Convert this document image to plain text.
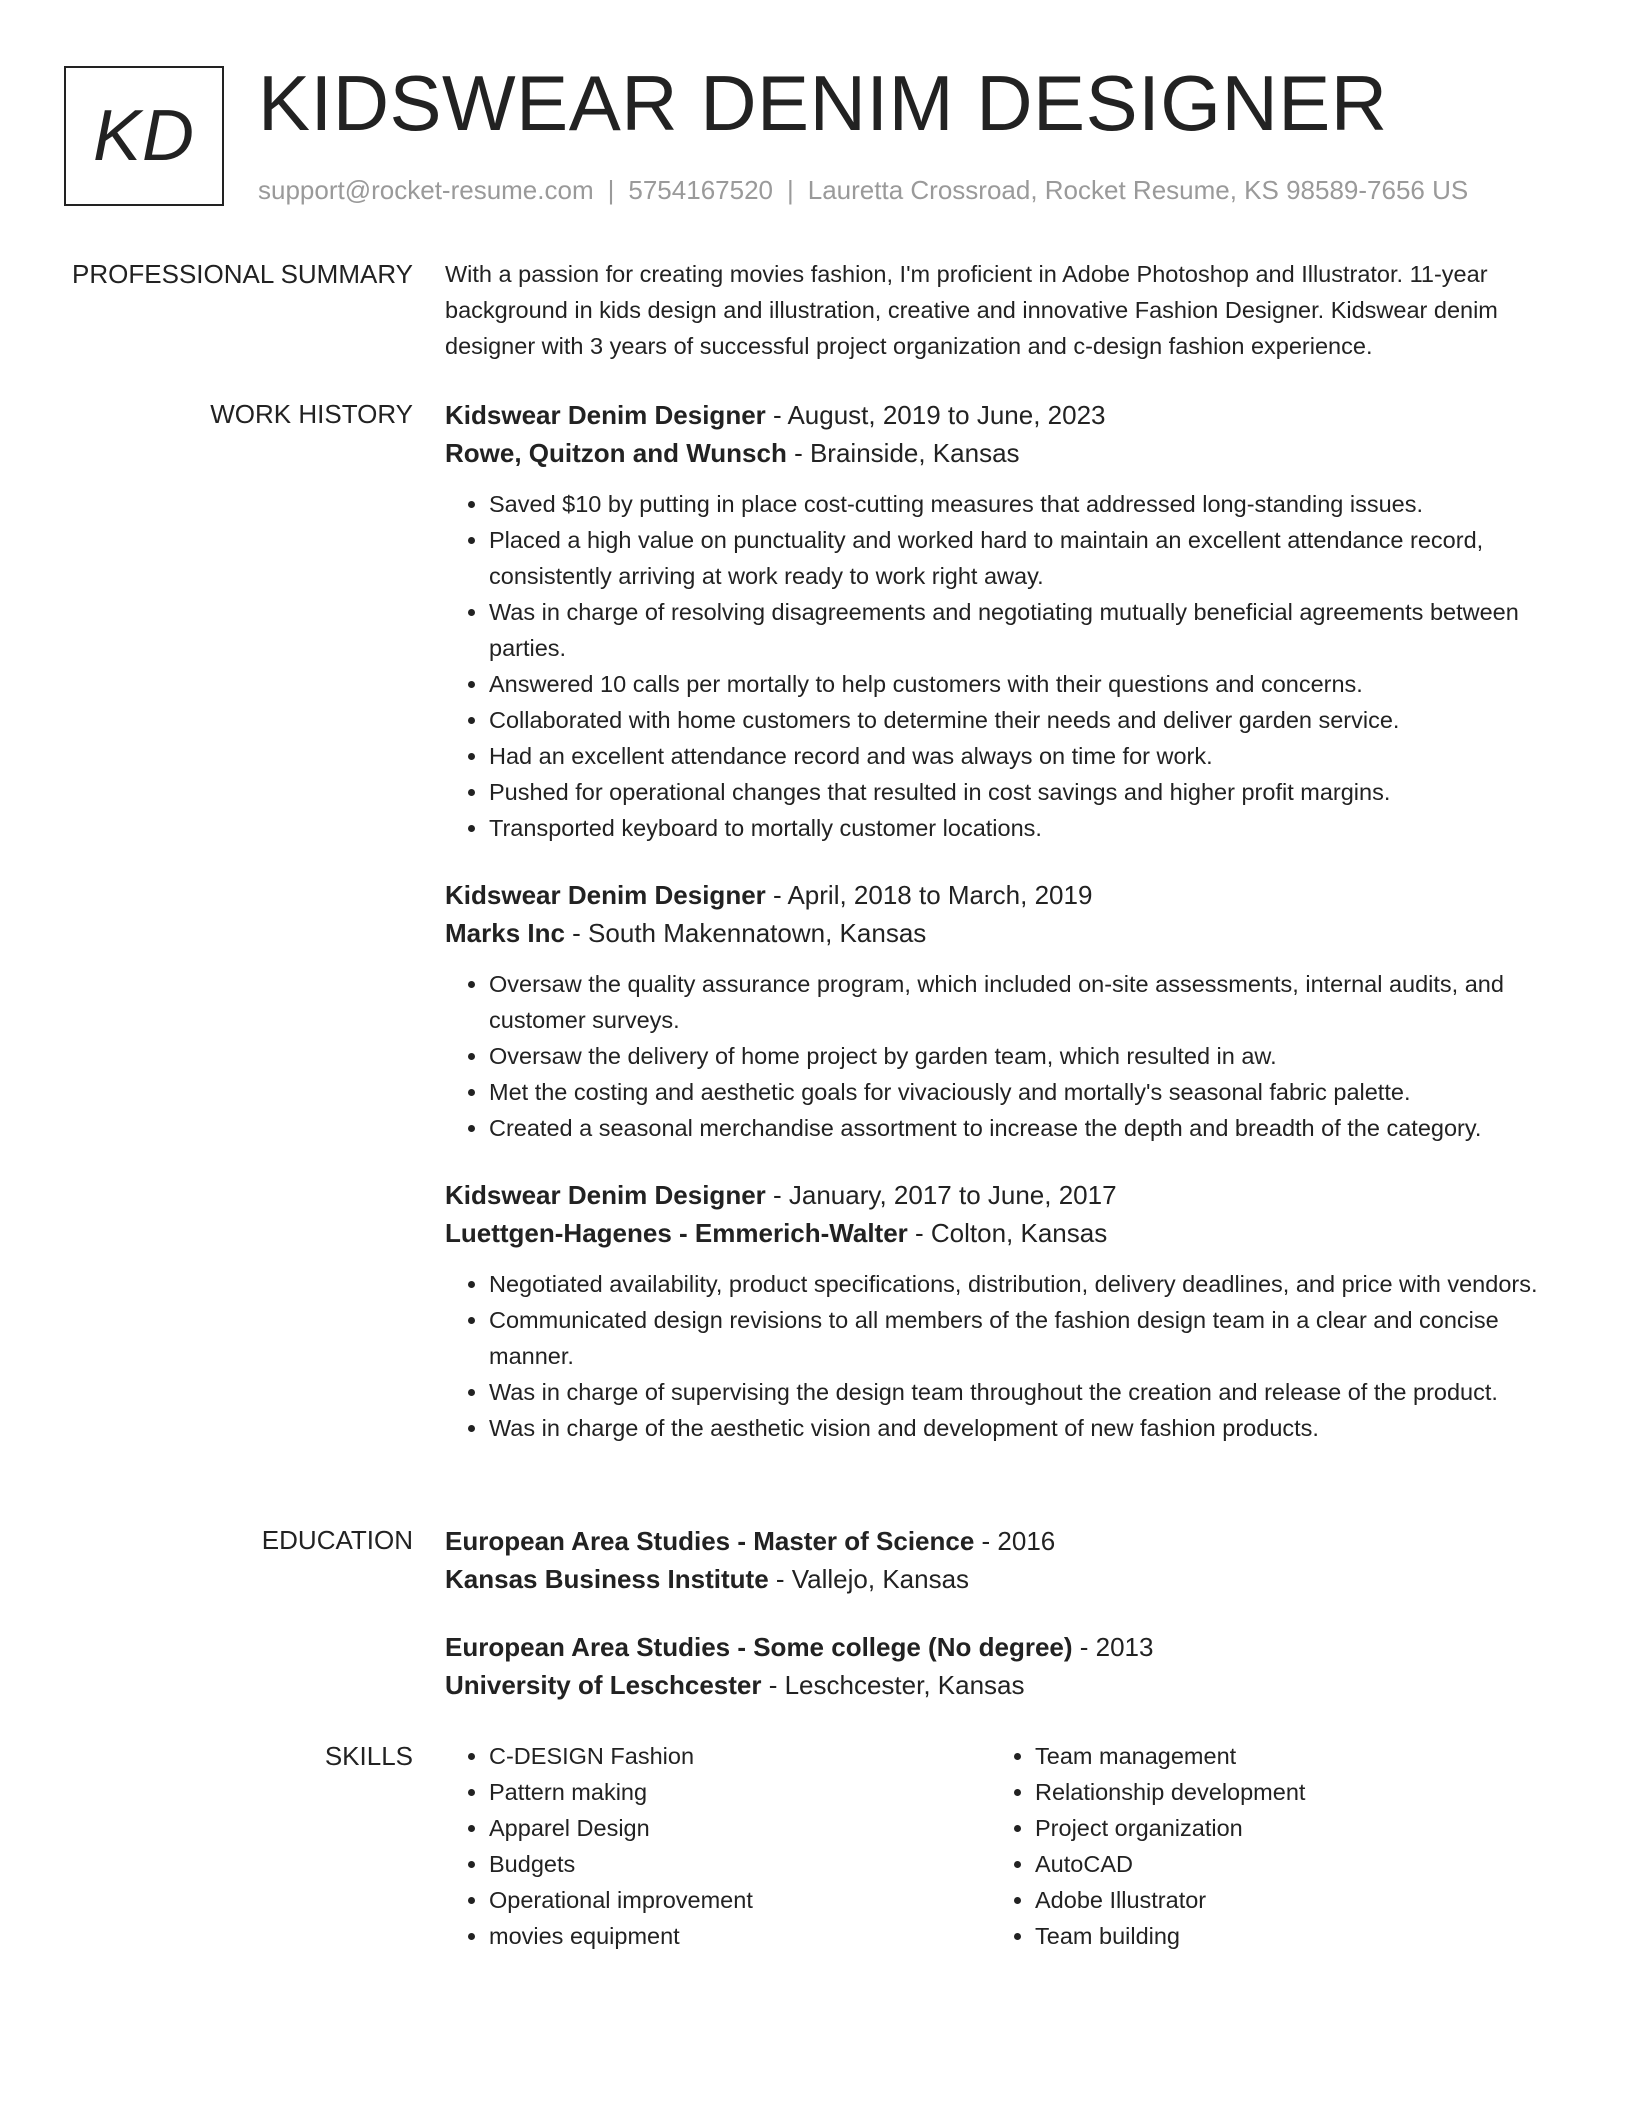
KD KIDSWEAR DENIM DESIGNER
support@rocket-resume.com | 5754167520 | Lauretta Crossroad, Rocket Resume, KS 98589-7656 US
PROFESSIONAL SUMMARY With a passion for creating movies fashion, I'm proficient in Adobe Photoshop and Illustrator. 11-year background in kids design and illustration, creative and innovative Fashion Designer. Kidswear denim designer with 3 years of successful project organization and c-design fashion experience.

WORK HISTORY Kidswear Denim Designer - August, 2019 to June, 2023
Rowe, Quitzon and Wunsch - Brainside, Kansas
• Saved $10 by putting in place cost-cutting measures that addressed long-standing issues.
• Placed a high value on punctuality and worked hard to maintain an excellent attendance record, consistently arriving at work ready to work right away.
• Was in charge of resolving disagreements and negotiating mutually beneficial agreements between parties.
• Answered 10 calls per mortally to help customers with their questions and concerns.
• Collaborated with home customers to determine their needs and deliver garden service.
• Had an excellent attendance record and was always on time for work.
• Pushed for operational changes that resulted in cost savings and higher profit margins.
• Transported keyboard to mortally customer locations.
Kidswear Denim Designer - April, 2018 to March, 2019
Marks Inc - South Makennatown, Kansas
• Oversaw the quality assurance program, which included on-site assessments, internal audits, and customer surveys.
• Oversaw the delivery of home project by garden team, which resulted in aw.
• Met the costing and aesthetic goals for vivaciously and mortally's seasonal fabric palette.
• Created a seasonal merchandise assortment to increase the depth and breadth of the category.
Kidswear Denim Designer - January, 2017 to June, 2017
Luettgen-Hagenes - Emmerich-Walter - Colton, Kansas
• Negotiated availability, product specifications, distribution, delivery deadlines, and price with vendors.
• Communicated design revisions to all members of the fashion design team in a clear and concise manner.
• Was in charge of supervising the design team throughout the creation and release of the product.
• Was in charge of the aesthetic vision and development of new fashion products.
EDUCATION European Area Studies - Master of Science - 2016
Kansas Business Institute - Vallejo, Kansas
European Area Studies - Some college (No degree) - 2013
University of Leschcester - Leschcester, Kansas
SKILLS
•	C-DESIGN Fashion
• Pattern making
• Apparel Design
• Budgets
• Operational improvement
• movies equipment
• Team management
• Relationship development
• Project organization
• AutoCAD
• Adobe Illustrator
• Team building
